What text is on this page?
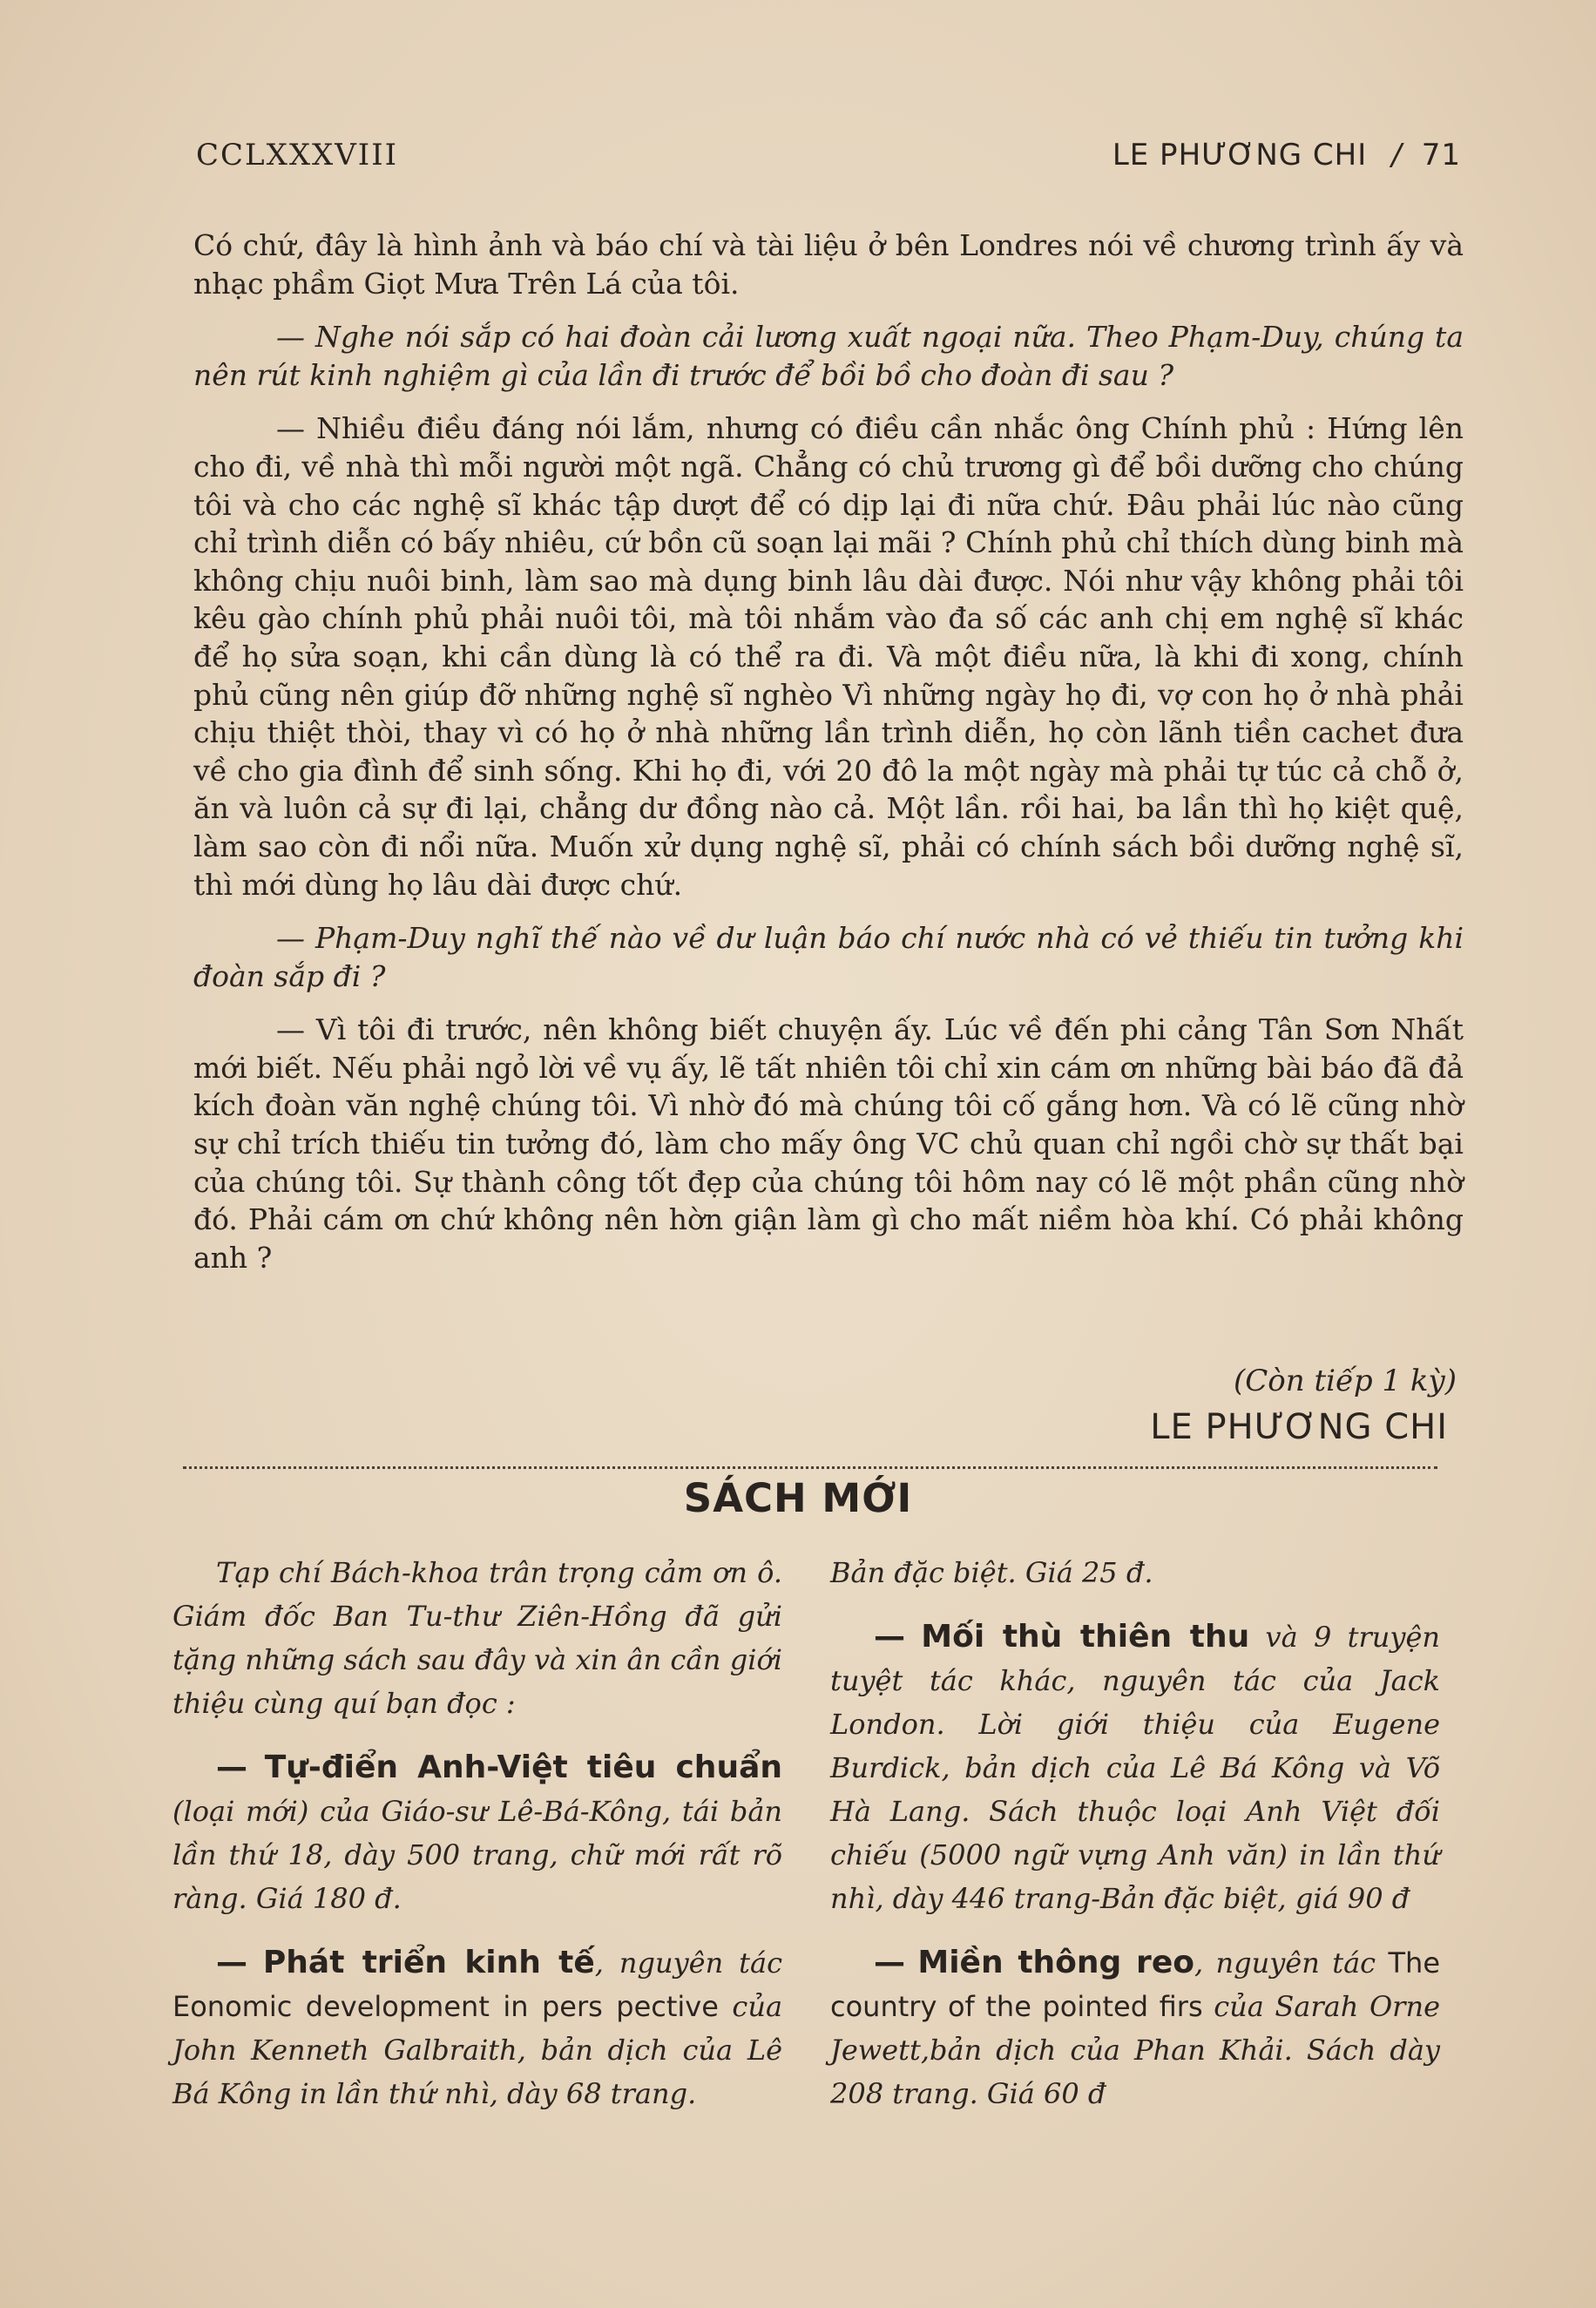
CCLXXXVIII	LE PHƯƠNG CHI / 71

Có chứ, đây là hình ảnh và báo chí và tài liệu ở bên Londres nói về chương trình ấy và nhạc phầm Giọt Mưa Trên Lá của tôi.

— Nghe nói sắp có hai đoàn cải lương xuất ngoại nữa. Theo Phạm-Duy, chúng ta nên rút kinh nghiệm gì của lần đi trước để bồi bồ cho đoàn đi sau ?

— Nhiều điều đáng nói lắm, nhưng có điều cần nhắc ông Chính phủ : Hứng lên cho đi, về nhà thì mỗi người một ngã. Chẳng có chủ trương gì để bồi dưỡng cho chúng tôi và cho các nghệ sĩ khác tập dượt để có dịp lại đi nữa chứ. Đâu phải lúc nào cũng chỉ trình diễn có bấy nhiêu, cứ bồn cũ soạn lại mãi ? Chính phủ chỉ thích dùng binh mà không chịu nuôi binh, làm sao mà dụng binh lâu dài được. Nói như vậy không phải tôi kêu gào chính phủ phải nuôi tôi, mà tôi nhắm vào đa số các anh chị em nghệ sĩ khác để họ sửa soạn, khi cần dùng là có thể ra đi. Và một điều nữa, là khi đi xong, chính phủ cũng nên giúp đỡ những nghệ sĩ nghèo Vì những ngày họ đi, vợ con họ ở nhà phải chịu thiệt thòi, thay vì có họ ở nhà những lần trình diễn, họ còn lãnh tiền cachet đưa về cho gia đình để sinh sống. Khi họ đi, với 20 đô la một ngày mà phải tự túc cả chỗ ở, ăn và luôn cả sự đi lại, chẳng dư đồng nào cả. Một lần. rồi hai, ba lần thì họ kiệt quệ, làm sao còn đi nổi nữa. Muốn xử dụng nghệ sĩ, phải có chính sách bồi dưỡng nghệ sĩ, thì mới dùng họ lâu dài được chứ.

— Phạm-Duy nghĩ thế nào về dư luận báo chí nước nhà có vẻ thiếu tin tưởng khi đoàn sắp đi ?

— Vì tôi đi trước, nên không biết chuyện ấy. Lúc về đến phi cảng Tân Sơn Nhất mới biết. Nếu phải ngỏ lời về vụ ấy, lẽ tất nhiên tôi chỉ xin cám ơn những bài báo đã đả kích đoàn văn nghệ chúng tôi. Vì nhờ đó mà chúng tôi cố gắng hơn. Và có lẽ cũng nhờ sự chỉ trích thiếu tin tưởng đó, làm cho mấy ông VC chủ quan chỉ ngồi chờ sự thất bại của chúng tôi. Sự thành công tốt đẹp của chúng tôi hôm nay có lẽ một phần cũng nhờ đó. Phải cám ơn chứ không nên hờn giận làm gì cho mất niềm hòa khí. Có phải không anh ?

(Còn tiếp 1 kỳ)
LE PHƯƠNG CHI
SÁCH MỚI
Tạp chí Bách-khoa trân trọng cảm ơn ô. Giám đốc Ban Tu-thư Ziên-Hồng đã gửi tặng những sách sau đây và xin ân cần giới thiệu cùng quí bạn đọc :
— Tự-điển Anh-Việt tiêu chuẩn (loại mới) của Giáo-sư Lê-Bá-Kông, tái bản lần thứ 18, dày 500 trang, chữ mới rất rõ ràng. Giá 180 đ.
— Phát triển kinh tế, nguyên tác Eonomic development in pers pective của John Kenneth Galbraith, bản dịch của Lê Bá Kông in lần thứ nhì, dày 68 trang.
Bản đặc biệt. Giá 25 đ.
— Mối thù thiên thu và 9 truyện tuyệt tác khác, nguyên tác của Jack London. Lời giới thiệu của Eugene Burdick, bản dịch của Lê Bá Kông và Võ Hà Lang. Sách thuộc loại Anh Việt đối chiếu (5000 ngữ vựng Anh văn) in lần thứ nhì, dày 446 trang-Bản đặc biệt, giá 90 đ
— Miền thông reo, nguyên tác The country of the pointed firs của Sarah Orne Jewett,bản dịch của Phan Khải. Sách dày 208 trang. Giá 60 đ
